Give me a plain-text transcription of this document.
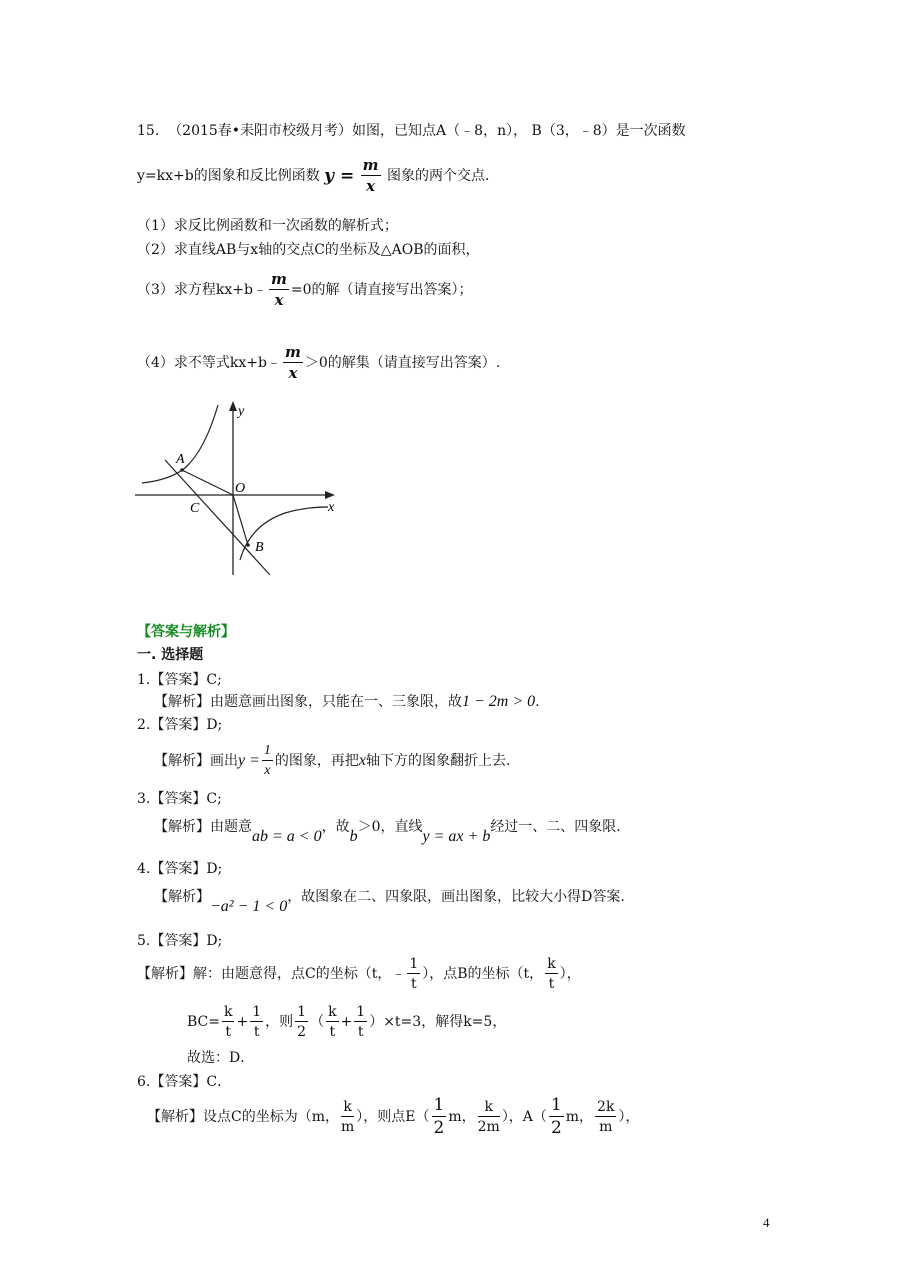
15.  （2015春•耒阳市校级月考）如图，已知点A（﹣8，n）， B（3，﹣8）是一次函数
y=kx+b的图象和反比例函数 $y = \frac{m}{x}$ 图象的两个交点．
（1）求反比例函数和一次函数的解析式；
（2）求直线AB与x轴的交点C的坐标及△AOB的面积，
（3）求方程kx+b﹣ $\frac{m}{x} =0$的解（请直接写出答案）；
（4）求不等式kx+b﹣ $\frac{m}{x} >0$的解集（请直接写出答案）.
y
x
A
O
C
B
【答案与解析】
一. 选择题
1.【答案】C;
【解析】由题意画出图象，只能在一、三象限，故1 − 2m > 0.
2.【答案】D;
【解析】画出$y = \frac{1}{x}$ 的图象，再把x轴下方的图象翻折上去.
3.【答案】C;
【解析】由题意ab = a < 0，故b＞0，直线y = ax + b经过一、二、四象限.
4.【答案】D;
【解析】−a² − 1 < 0，故图象在二、四象限，画出图象，比较大小得D答案.
5.【答案】D;
【解析】解：由题意得，点C的坐标（t，﹣ $\frac{1}{t}$ ），点B的坐标（t， $\frac{k}{t}$ ），
$BC= \frac{k}{t} + \frac{1}{t}$ ，则 $\frac{1}{2}$ （ $\frac{k}{t} + \frac{1}{t} )\times t=3$，解得k=5，
故选：D．
6.【答案】C．
【解析】设点C的坐标为（m， $\frac{k}{m}$ ），则点$E( \frac{1}{2}$ m， $\frac{k}{2m}$ ），$A( \frac{1}{2}$ m， $\frac{2k}{m}$ ），
4
